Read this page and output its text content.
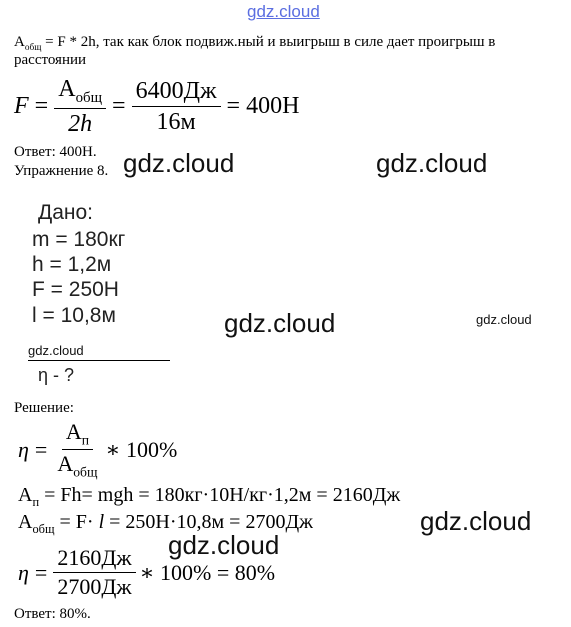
gdz.cloud
$A_{общ} = F * 2h$, так как блок подвиж.ный и выигрыш в силе дает проигрыш в
расстоянии
$F = \frac{A_{общ}}{2h} = \frac{6400Дж}{16м} = 400Н$
Ответ: 400Н.
Упражнение 8. gdz.cloud	gdz.cloud
Дано:
m = 180кг
h = 1,2м
F = 250Н
l = 10,8м	gdz.cloud	gdz.cloud
gdz.cloud
η - ?
Решение:
$\eta = \frac{A_п}{A_{общ}}$ ∗ 100%
$A_п = Fh=$ mgh = 180кг·10Н/кг·1,2м = 2160Дж
$A_{общ} = F\cdot l = 250Н\cdot 10,8м = 2700Дж$	gdz.cloud
gdz.cloud
$\eta = \frac{2160Дж}{2700Дж}$ ∗ 100% = 80%
Ответ: 80%.
